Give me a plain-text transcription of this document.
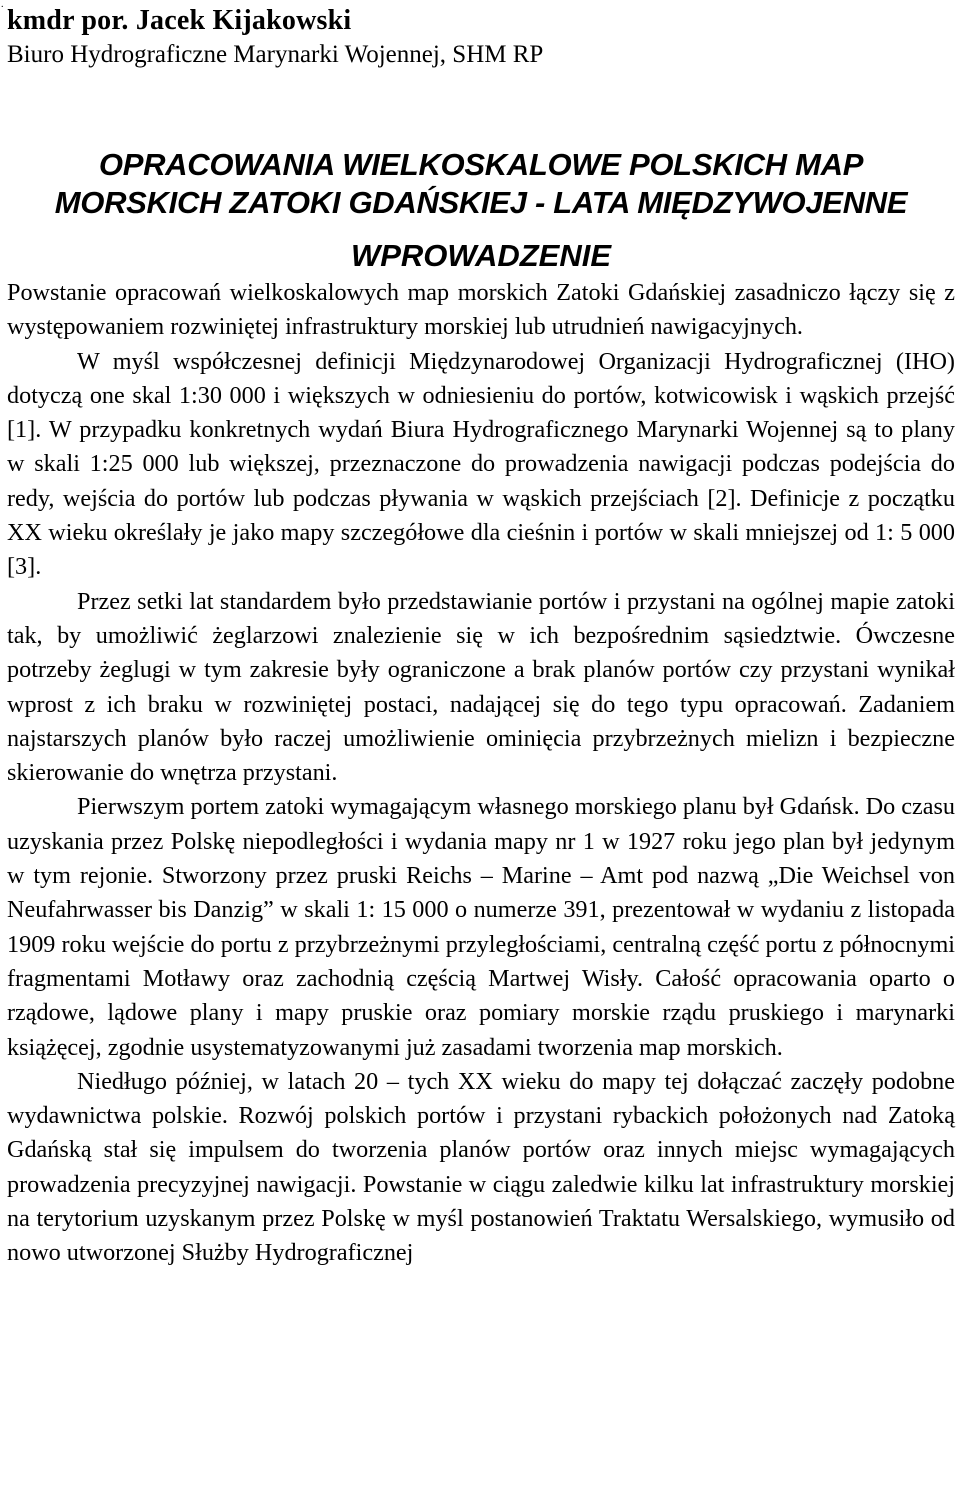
.
kmdr por. Jacek Kijakowski
Biuro Hydrograficzne Marynarki Wojennej, SHM RP
OPRACOWANIA WIELKOSKALOWE POLSKICH MAP
MORSKICH ZATOKI GDAŃSKIEJ - LATA MIĘDZYWOJENNE
WPROWADZENIE

Powstanie opracowań wielkoskalowych map morskich Zatoki Gdańskiej zasadniczo łączy się z występowaniem rozwiniętej infrastruktury morskiej lub utrudnień nawigacyjnych.

W myśl współczesnej definicji Międzynarodowej Organizacji Hydrograficznej (IHO) dotyczą one skal 1:30 000 i większych w odniesieniu do portów, kotwicowisk i wąskich przejść [1]. W przypadku konkretnych wydań Biura Hydrograficznego Marynarki Wojennej są to plany w skali 1:25 000 lub większej, przeznaczone do prowadzenia nawigacji podczas podejścia do redy, wejścia do portów lub podczas pływania w wąskich przejściach [2]. Definicje z początku XX wieku określały je jako mapy szczegółowe dla cieśnin i portów w skali mniejszej od 1: 5 000 [3].

Przez setki lat standardem było przedstawianie portów i przystani na ogólnej mapie zatoki tak, by umożliwić żeglarzowi znalezienie się w ich bezpośrednim sąsiedztwie. Ówczesne potrzeby żeglugi w tym zakresie były ograniczone a brak planów portów czy przystani wynikał wprost z ich braku w rozwiniętej postaci, nadającej się do tego typu opracowań. Zadaniem najstarszych planów było raczej umożliwienie ominięcia przybrzeżnych mielizn i bezpieczne skierowanie do wnętrza przystani.

Pierwszym portem zatoki wymagającym własnego morskiego planu był Gdańsk. Do czasu uzyskania przez Polskę niepodległości i wydania mapy nr 1 w 1927 roku jego plan był jedynym w tym rejonie. Stworzony przez pruski Reichs – Marine – Amt pod nazwą „Die Weichsel von Neufahrwasser bis Danzig” w skali 1: 15 000 o numerze 391, prezentował w wydaniu z listopada 1909 roku wejście do portu z przybrzeżnymi przyległościami, centralną część portu z północnymi fragmentami Motławy oraz zachodnią częścią Martwej Wisły. Całość opracowania oparto o rządowe, lądowe plany i mapy pruskie oraz pomiary morskie rządu pruskiego i marynarki książęcej, zgodnie usystematyzowanymi już zasadami tworzenia map morskich.

Niedługo później, w latach 20 – tych XX wieku do mapy tej dołączać zaczęły podobne wydawnictwa polskie. Rozwój polskich portów i przystani rybackich położonych nad Zatoką Gdańską stał się impulsem do tworzenia planów portów oraz innych miejsc wymagających prowadzenia precyzyjnej nawigacji. Powstanie w ciągu zaledwie kilku lat infrastruktury morskiej na terytorium uzyskanym przez Polskę w myśl postanowień Traktatu Wersalskiego, wymusiło od nowo utworzonej Służby Hydrograficznej
